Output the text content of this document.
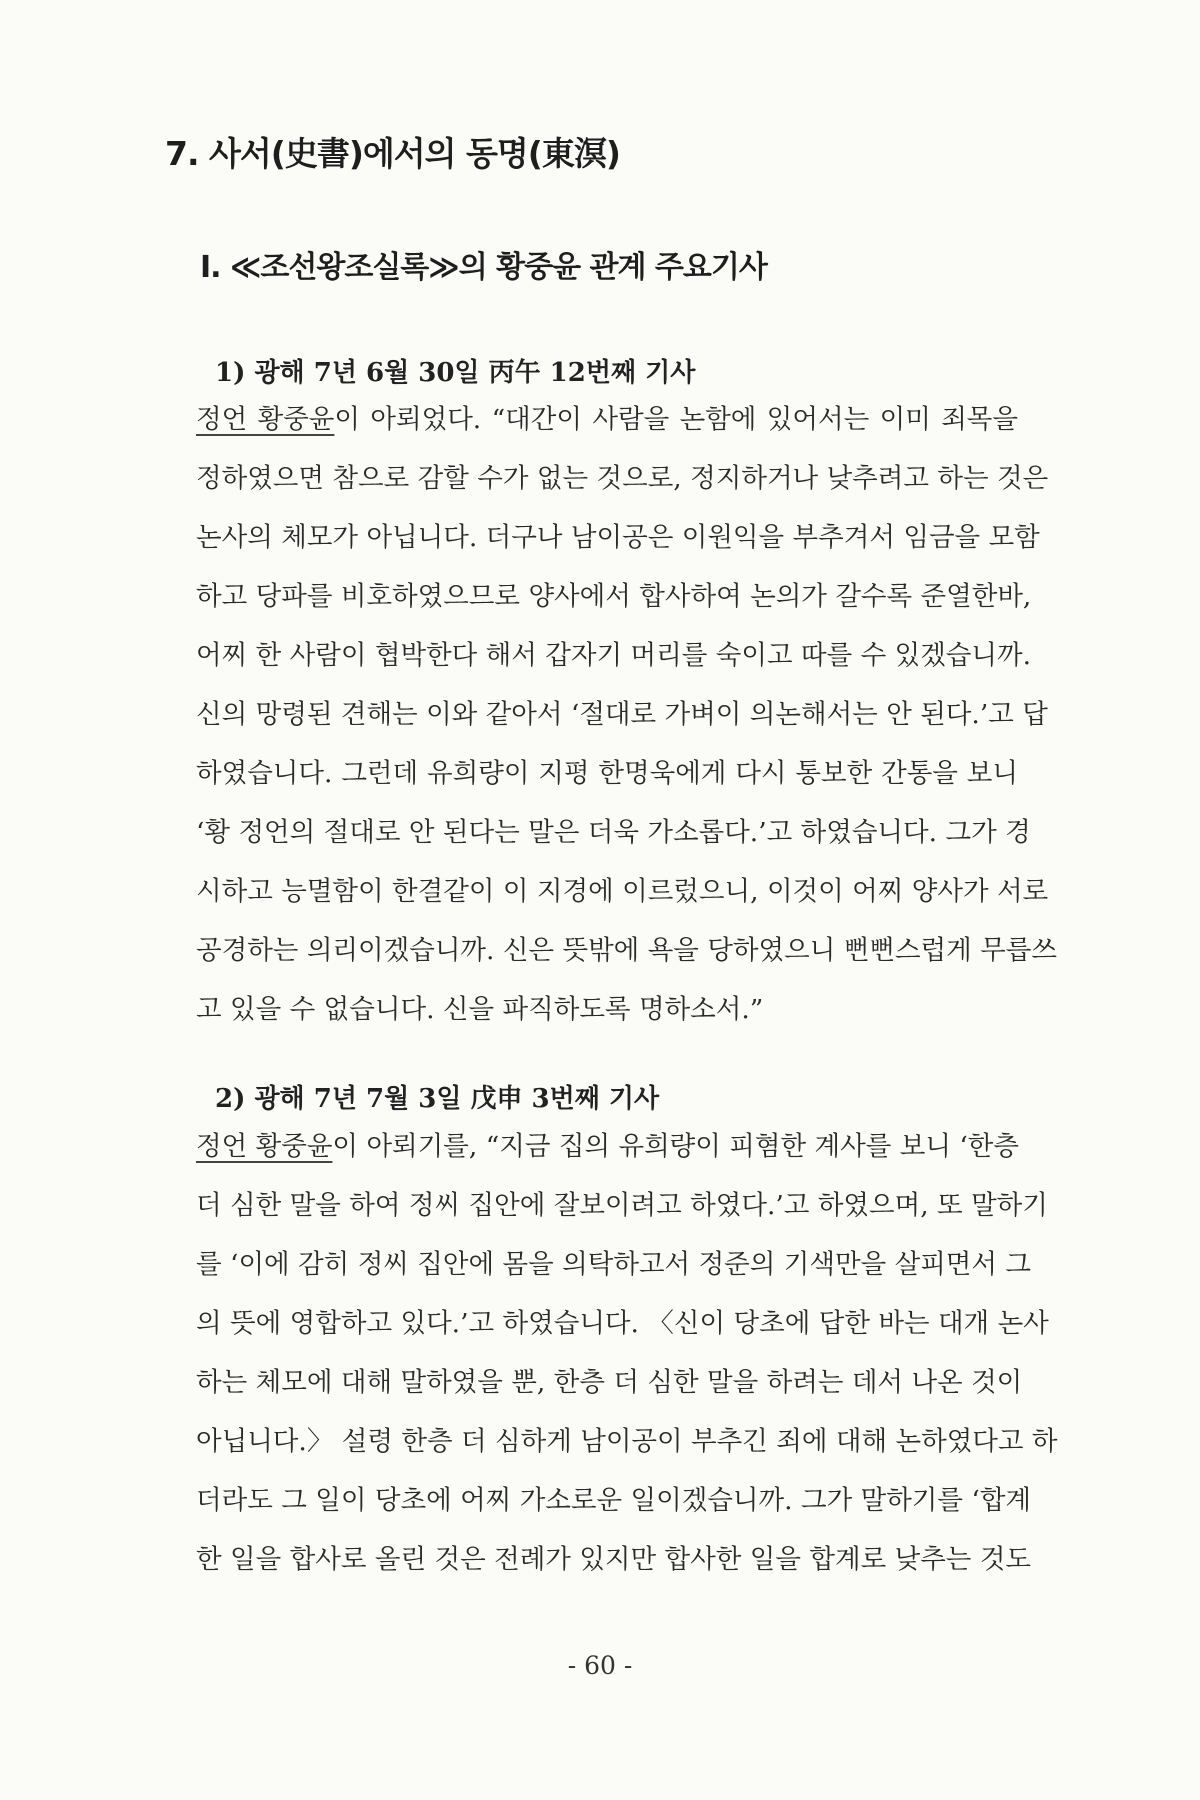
7. 사서(史書)에서의 동명(東溟)
Ⅰ. ≪조선왕조실록≫의 황중윤 관계 주요기사
1) 광해 7년 6월 30일 丙午 12번째 기사
정언 황중윤이 아뢰었다. “대간이 사람을 논함에 있어서는 이미 죄목을
정하였으면 참으로 감할 수가 없는 것으로, 정지하거나 낮추려고 하는 것은
논사의 체모가 아닙니다. 더구나 남이공은 이원익을 부추겨서 임금을 모함
하고 당파를 비호하였으므로 양사에서 합사하여 논의가 갈수록 준열한바,
어찌 한 사람이 협박한다 해서 갑자기 머리를 숙이고 따를 수 있겠습니까.
신의 망령된 견해는 이와 같아서 ‘절대로 가벼이 의논해서는 안 된다.’고 답
하였습니다. 그런데 유희량이 지평 한명욱에게 다시 통보한 간통을 보니
‘황 정언의 절대로 안 된다는 말은 더욱 가소롭다.’고 하였습니다. 그가 경
시하고 능멸함이 한결같이 이 지경에 이르렀으니, 이것이 어찌 양사가 서로
공경하는 의리이겠습니까. 신은 뜻밖에 욕을 당하였으니 뻔뻔스럽게 무릅쓰
고 있을 수 없습니다. 신을 파직하도록 명하소서.”
2) 광해 7년 7월 3일 戊申 3번째 기사
정언 황중윤이 아뢰기를, “지금 집의 유희량이 피혐한 계사를 보니 ‘한층
더 심한 말을 하여 정씨 집안에 잘보이려고 하였다.’고 하였으며, 또 말하기
를 ‘이에 감히 정씨 집안에 몸을 의탁하고서 정준의 기색만을 살피면서 그
의 뜻에 영합하고 있다.’고 하였습니다. 〈신이 당초에 답한 바는 대개 논사
하는 체모에 대해 말하였을 뿐, 한층 더 심한 말을 하려는 데서 나온 것이
아닙니다.〉 설령 한층 더 심하게 남이공이 부추긴 죄에 대해 논하였다고 하
더라도 그 일이 당초에 어찌 가소로운 일이겠습니까. 그가 말하기를 ‘합계
한 일을 합사로 올린 것은 전례가 있지만 합사한 일을 합계로 낮추는 것도
- 60 -
